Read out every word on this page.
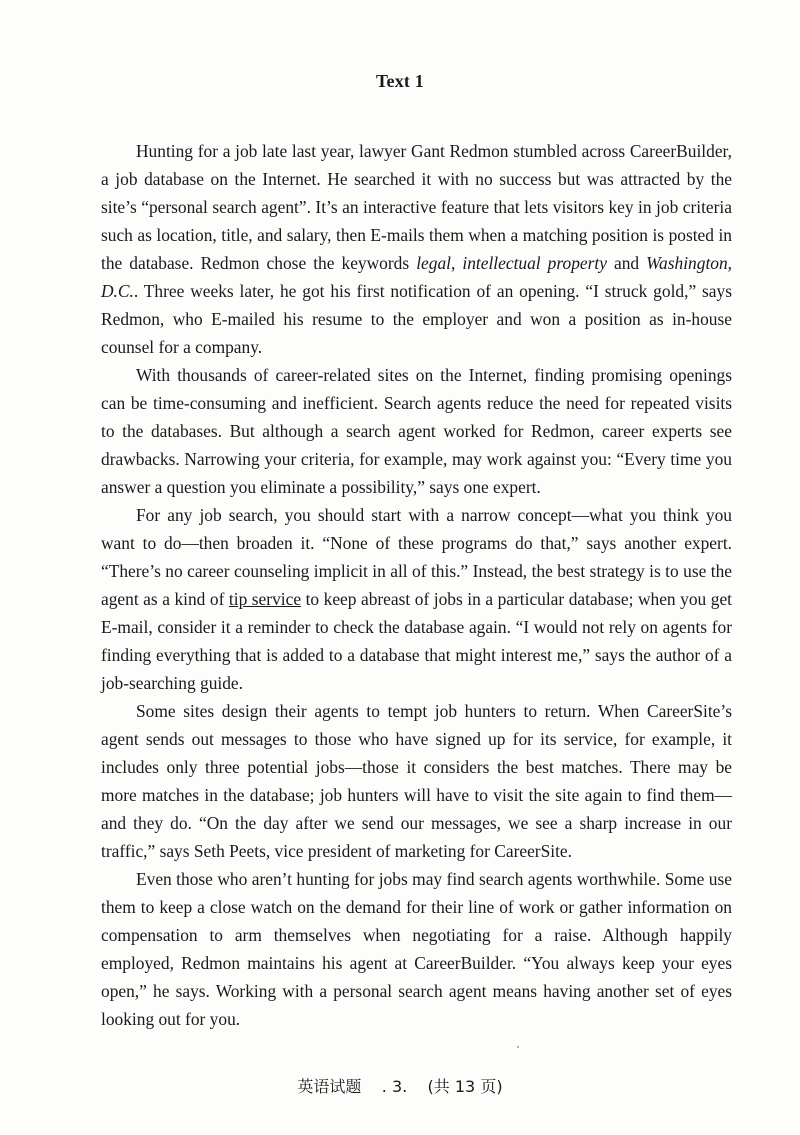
Text 1

Hunting for a job late last year, lawyer Gant Redmon stumbled across CareerBuilder, a job database on the Internet. He searched it with no success but was attracted by the site’s “personal search agent”. It’s an interactive feature that lets visitors key in job criteria such as location, title, and salary, then E-mails them when a matching position is posted in the database. Redmon chose the keywords legal, intellectual property and Washington, D.C.. Three weeks later, he got his first notification of an opening. “I struck gold,” says Redmon, who E-mailed his resume to the employer and won a position as in-house counsel for a company.

With thousands of career-related sites on the Internet, finding promising openings can be time-consuming and inefficient. Search agents reduce the need for repeated visits to the databases. But although a search agent worked for Redmon, career experts see drawbacks. Narrowing your criteria, for example, may work against you: “Every time you answer a question you eliminate a possibility,” says one expert.

For any job search, you should start with a narrow concept—what you think you want to do—then broaden it. “None of these programs do that,” says another expert. “There’s no career counseling implicit in all of this.” Instead, the best strategy is to use the agent as a kind of tip service to keep abreast of jobs in a particular database; when you get E-mail, consider it a reminder to check the database again. “I would not rely on agents for finding everything that is added to a database that might interest me,” says the author of a job-searching guide.

Some sites design their agents to tempt job hunters to return. When CareerSite’s agent sends out messages to those who have signed up for its service, for example, it includes only three potential jobs—those it considers the best matches. There may be more matches in the database; job hunters will have to visit the site again to find them—and they do. “On the day after we send our messages, we see a sharp increase in our traffic,” says Seth Peets, vice president of marketing for CareerSite.

Even those who aren’t hunting for jobs may find search agents worthwhile. Some use them to keep a close watch on the demand for their line of work or gather information on compensation to arm themselves when negotiating for a raise. Although happily employed, Redmon maintains his agent at CareerBuilder. “You always keep your eyes open,” he says. Working with a personal search agent means having another set of eyes looking out for you.

英语试题 . 3. (共 13 页)
